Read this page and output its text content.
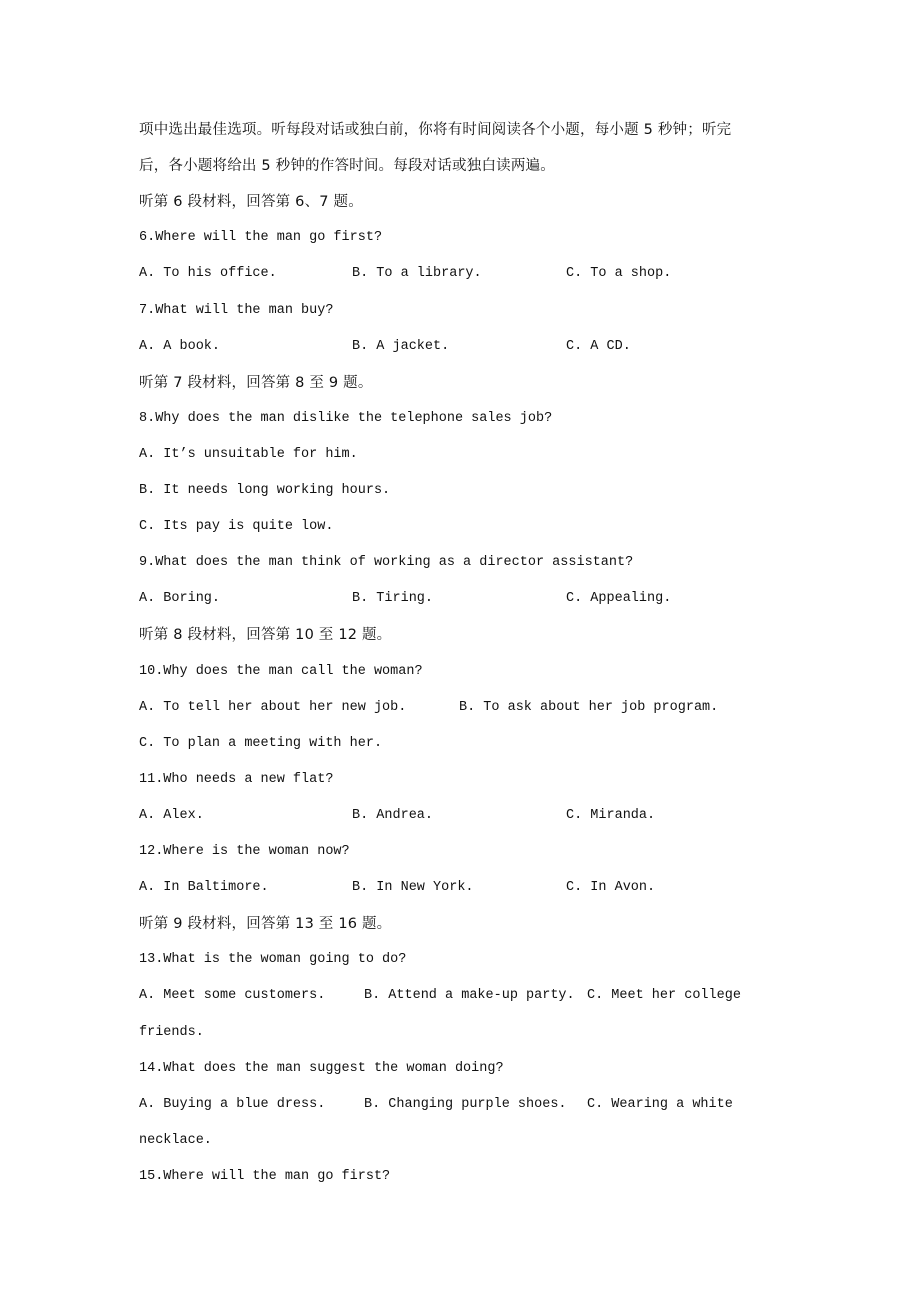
项中选出最佳选项。听每段对话或独白前，你将有时间阅读各个小题，每小题 5 秒钟；听完
后，各小题将给出 5 秒钟的作答时间。每段对话或独白读两遍。
听第 6 段材料，回答第 6、7 题。
6.Where will the man go first?
A. To his office.	B. To a library.	C. To a shop.
7.What will the man buy?
A. A book.	B. A jacket.	C. A CD.
听第 7 段材料，回答第 8 至 9 题。
8.Why does the man dislike the telephone sales job?
A. It’s unsuitable for him.
B. It needs long working hours.
C. Its pay is quite low.
9.What does the man think of working as a director assistant?
A. Boring.	B. Tiring.	C. Appealing.
听第 8 段材料，回答第 10 至 12 题。
10.Why does the man call the woman?
A. To tell her about her new job.	B. To ask about her job program.
C. To plan a meeting with her.
11.Who needs a new flat?
A. Alex.	B. Andrea.	C. Miranda.
12.Where is the woman now?
A. In Baltimore.	B. In New York.	C. In Avon.
听第 9 段材料，回答第 13 至 16 题。
13.What is the woman going to do?
A. Meet some customers.	B. Attend a make-up party. C. Meet her college
friends.
14.What does the man suggest the woman doing?
A. Buying a blue dress.	B. Changing purple shoes. C. Wearing a white
necklace.
15.Where will the man go first?
